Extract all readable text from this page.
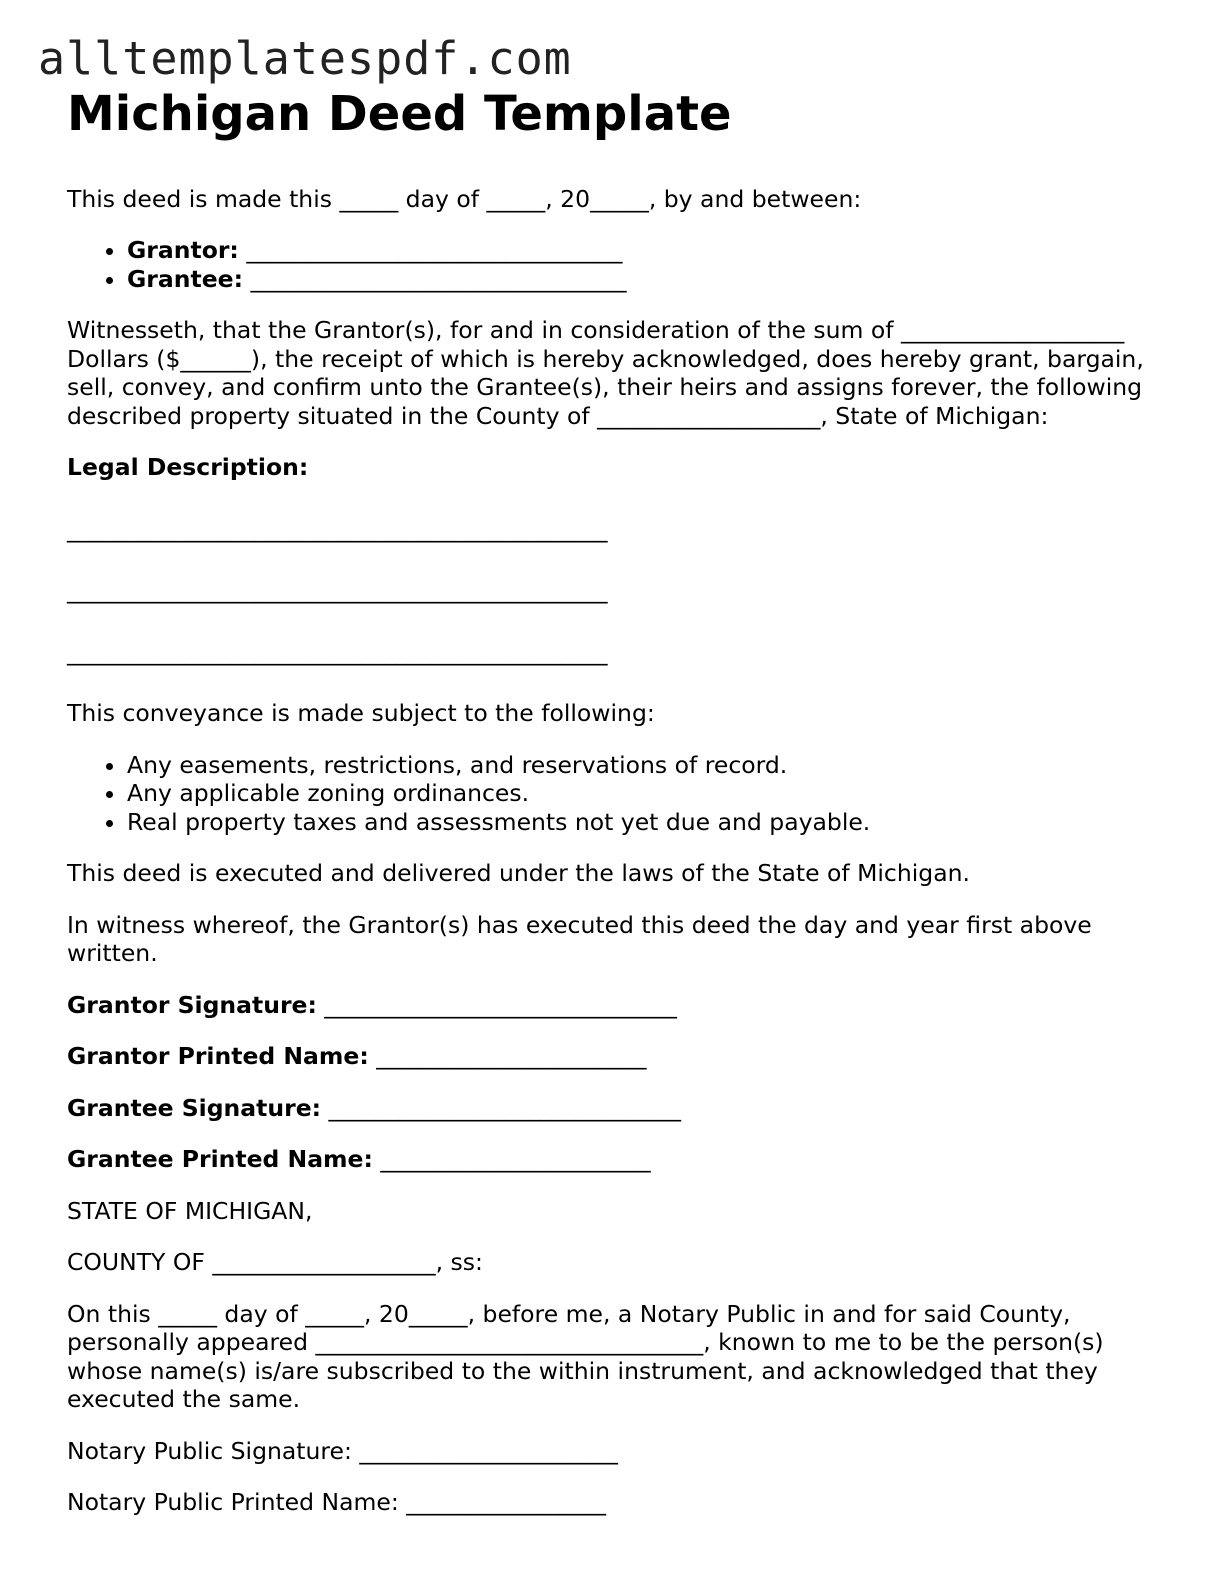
alltemplatespdf.com
Michigan Deed Template

This deed is made this _____ day of _____, 20_____, by and between:

• Grantor: ________________________________
• Grantee: ________________________________

Witnesseth, that the Grantor(s), for and in consideration of the sum of ___________________ Dollars ($______), the receipt of which is hereby acknowledged, does hereby grant, bargain, sell, convey, and confirm unto the Grantee(s), their heirs and assigns forever, the following described property situated in the County of ___________________, State of Michigan:

Legal Description:

______________________________________________
______________________________________________
______________________________________________

This conveyance is made subject to the following:

• Any easements, restrictions, and reservations of record.
• Any applicable zoning ordinances.
• Real property taxes and assessments not yet due and payable.

This deed is executed and delivered under the laws of the State of Michigan.

In witness whereof, the Grantor(s) has executed this deed the day and year first above written.

Grantor Signature: ______________________________

Grantor Printed Name: _______________________

Grantee Signature: ______________________________

Grantee Printed Name: _______________________

STATE OF MICHIGAN,

COUNTY OF ___________________, ss:

On this _____ day of _____, 20_____, before me, a Notary Public in and for said County, personally appeared _________________________________, known to me to be the person(s) whose name(s) is/are subscribed to the within instrument, and acknowledged that they executed the same.

Notary Public Signature: ______________________

Notary Public Printed Name: _________________
